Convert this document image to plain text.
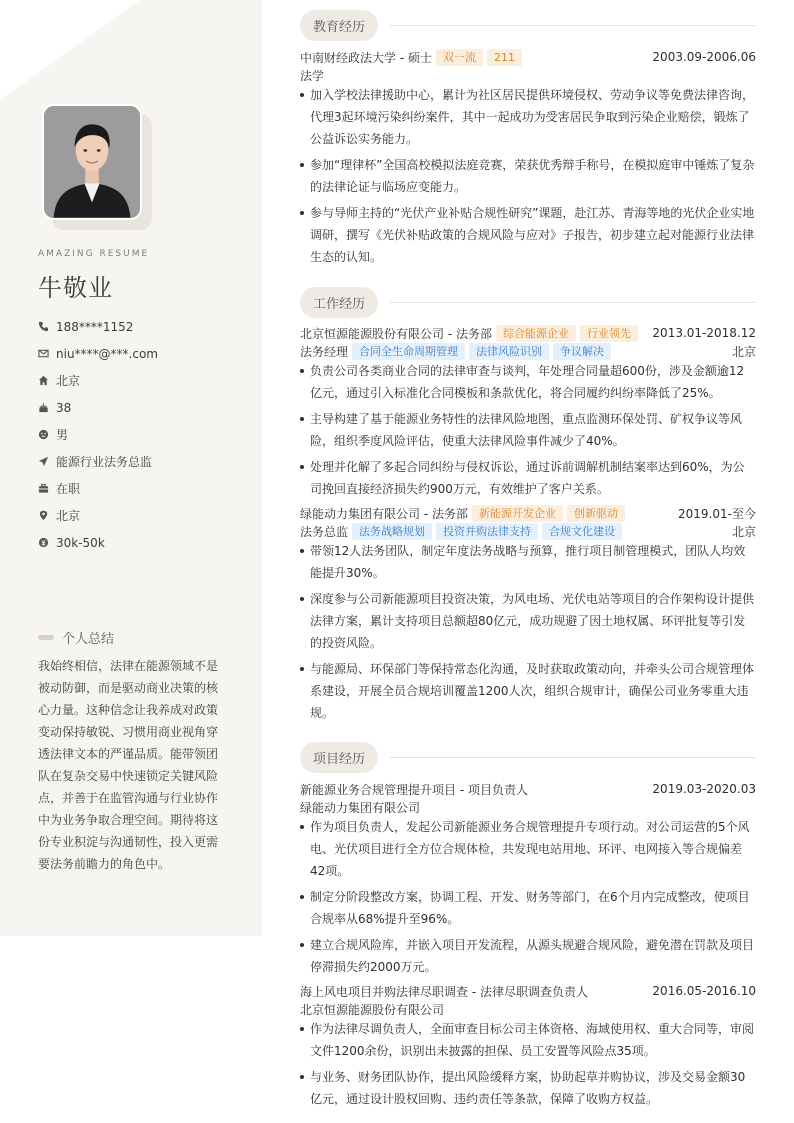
AMAZING RESUME
牛敬业
188****1152
niu****@***.com
北京
38
男
能源行业法务总监
在职
北京
30k-50k
个人总结
我始终相信，法律在能源领域不是被动防御，而是驱动商业决策的核心力量。这种信念让我养成对政策变动保持敏锐、习惯用商业视角穿透法律文本的严谨品质。能带领团队在复杂交易中快速锁定关键风险点，并善于在监管沟通与行业协作中为业务争取合理空间。期待将这份专业积淀与沟通韧性，投入更需要法务前瞻力的角色中。
教育经历
中南财经政法大学 - 硕士	双一流	211	2003.09-2006.06
法学
加入学校法律援助中心，累计为社区居民提供环境侵权、劳动争议等免费法律咨询，代理3起环境污染纠纷案件，其中一起成功为受害居民争取到污染企业赔偿，锻炼了公益诉讼实务能力。
参加“理律杯”全国高校模拟法庭竞赛，荣获优秀辩手称号，在模拟庭审中锤炼了复杂的法律论证与临场应变能力。
参与导师主持的“光伏产业补贴合规性研究”课题，赴江苏、青海等地的光伏企业实地调研，撰写《光伏补贴政策的合规风险与应对》子报告，初步建立起对能源行业法律生态的认知。
工作经历
北京恒源能源股份有限公司 - 法务部	综合能源企业	行业领先	2013.01-2018.12
法务经理	合同全生命周期管理	法律风险识别	争议解决	北京
负责公司各类商业合同的法律审查与谈判，年处理合同量超600份，涉及金额逾12亿元，通过引入标准化合同模板和条款优化，将合同履约纠纷率降低了25%。
主导构建了基于能源业务特性的法律风险地图，重点监测环保处罚、矿权争议等风险，组织季度风险评估，使重大法律风险事件减少了40%。
处理并化解了多起合同纠纷与侵权诉讼，通过诉前调解机制结案率达到60%，为公司挽回直接经济损失约900万元，有效维护了客户关系。
绿能动力集团有限公司 - 法务部	新能源开发企业	创新驱动	2019.01-至今
法务总监	法务战略规划	投资并购法律支持	合规文化建设	北京
带领12人法务团队，制定年度法务战略与预算，推行项目制管理模式，团队人均效能提升30%。
深度参与公司新能源项目投资决策，为风电场、光伏电站等项目的合作架构设计提供法律方案，累计支持项目总额超80亿元，成功规避了因土地权属、环评批复等引发的投资风险。
与能源局、环保部门等保持常态化沟通，及时获取政策动向，并牵头公司合规管理体系建设，开展全员合规培训覆盖1200人次，组织合规审计，确保公司业务零重大违规。
项目经历
新能源业务合规管理提升项目 - 项目负责人	2019.03-2020.03
绿能动力集团有限公司
作为项目负责人，发起公司新能源业务合规管理提升专项行动。对公司运营的5个风电、光伏项目进行全方位合规体检，共发现电站用地、环评、电网接入等合规偏差42项。
制定分阶段整改方案，协调工程、开发、财务等部门，在6个月内完成整改，使项目合规率从68%提升至96%。
建立合规风险库，并嵌入项目开发流程，从源头规避合规风险，避免潜在罚款及项目停滞损失约2000万元。
海上风电项目并购法律尽职调查 - 法律尽职调查负责人	2016.05-2016.10
北京恒源能源股份有限公司
作为法律尽调负责人，全面审查目标公司主体资格、海域使用权、重大合同等，审阅文件1200余份，识别出未披露的担保、员工安置等风险点35项。
与业务、财务团队协作，提出风险缓释方案，协助起草并购协议，涉及交易金额30亿元，通过设计股权回购、违约责任等条款，保障了收购方权益。
